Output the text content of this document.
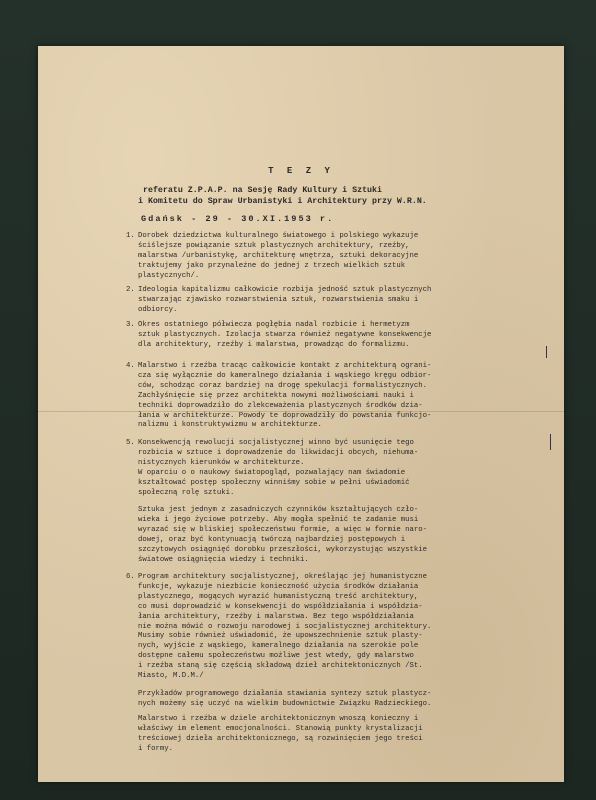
T E Z Y
referatu Z.P.A.P. na Sesję Rady Kultury i Sztuki
i Komitetu do Spraw Urbanistyki i Architektury przy W.R.N.
Gdańsk - 29 - 30.XI.1953 r.
1. Dorobek dziedzictwa kulturalnego światowego i polskiego wykazuje
ściślejsze powiązanie sztuk plastycznych architektury, rzeźby,
malarstwa /urbanistykę, architekturę wnętrza, sztuki dekoracyjne
traktujemy jako przynależne do jednej z trzech wielkich sztuk
plastycznych/.
2. Ideologia kapitalizmu całkowicie rozbija jedność sztuk plastycznych
stwarzając zjawisko rozwarstwienia sztuk, rozwarstwienia smaku i
odbiorcy.
3. Okres ostatniego półwiecza pogłębia nadal rozbicie i hermetyzm
sztuk plastycznych. Izolacja stwarza również negatywne konsekwencje
dla architektury, rzeźby i malarstwa, prowadząc do formalizmu.
4. Malarstwo i rzeźba tracąc całkowicie kontakt z architekturą ograni-
cza się wyłącznie do kameralnego działania i wąskiego kręgu odbior-
ców, schodząc coraz bardziej na drogę spekulacji formalistycznych.
Zachłyśnięcie się przez architekta nowymi możliwościami nauki i
techniki doprowadziło do zlekceważenia plastycznych środków dzia-
łania w architekturze. Powody te doprowadziły do powstania funkcjo-
nalizmu i konstruktywizmu w architekturze.
5. Konsekwencją rewolucji socjalistycznej winno być usunięcie tego
rozbicia w sztuce i doprowadzenie do likwidacji obcych, niehuma-
nistycznych kierunków w architekturze.
W oparciu o o naukowy światopogląd, pozwalający nam świadomie
kształtować postęp społeczny winniśmy sobie w pełni uświadomić
społeczną rolę sztuki.
Sztuka jest jednym z zasadniczych czynników kształtujących czło-
wieka i jego życiowe potrzeby. Aby mogła spełnić te zadanie musi
wyrazać się w bliskiej społeczeństwu formie, a więc w formie naro-
dowej, oraz być kontynuacją twórczą najbardziej postępowych i
szczytowych osiągnięć dorobku przeszłości, wykorzystując wszystkie
światowe osiągnięcia wiedzy i techniki.
6. Program architektury socjalistycznej, określając jej humanistyczne
funkcje, wykazuje niezbicie konieczność użycia środków działania
plastycznego, mogących wyrazić humanistyczną treść architektury,
co musi doprowadzić w konsekwencji do współdziałania i współdzia-
łania architektury, rzeźby i malarstwa. Bez tego współdziałania
nie można mówić o rozwoju narodowej i socjalistycznej architektury.
Musimy sobie również uświadomić, że upowszechnienie sztuk plasty-
nych, wyjście z wąskiego, kameralnego działania na szerokie pole
dostępne całemu społeczeństwu możliwe jest wtedy, gdy malarstwo
i rzeźba staną się częścią składową dzieł architektonicznych /St.
Miasto, M.D.M./
Przykładów programowego działania stawiania syntezy sztuk plastycz-
nych możemy się uczyć na wielkim budownictwie Związku Radzieckiego.
Malarstwo i rzeźba w dziele architektonicznym wnoszą konieczny i
właściwy im element emocjonalności. Stanowią punkty krystalizacji
treściowej dzieła architektonicznego, są rozwinięciem jego treści
i formy.
